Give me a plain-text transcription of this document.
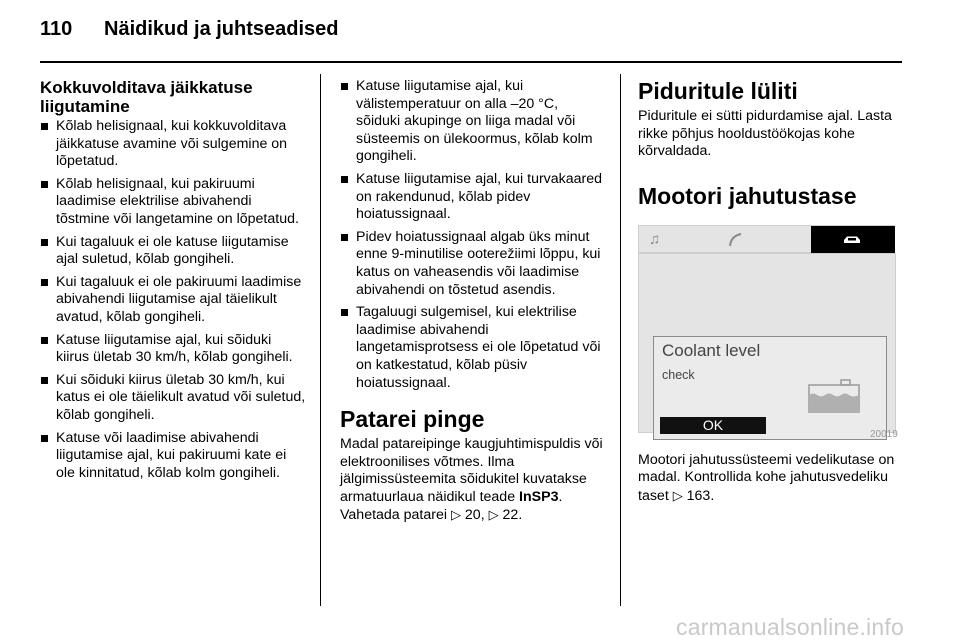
110 Näidikud ja juhtseadised
Kokkuvolditava jäikkatuse liigutamine
Kõlab helisignaal, kui kokkuvolditava jäikkatuse avamine või sulgemine on lõpetatud.
Kõlab helisignaal, kui pakiruumi laadimise elektrilise abivahendi tõstmine või langetamine on lõpetatud.
Kui tagaluuk ei ole katuse liigutamise ajal suletud, kõlab gongiheli.
Kui tagaluuk ei ole pakiruumi laadimise abivahendi liigutamise ajal täielikult avatud, kõlab gongiheli.
Katuse liigutamise ajal, kui sõiduki kiirus ületab 30 km/h, kõlab gongiheli.
Kui sõiduki kiirus ületab 30 km/h, kui katus ei ole täielikult avatud või suletud, kõlab gongiheli.
Katuse või laadimise abivahendi liigutamise ajal, kui pakiruumi kate ei ole kinnitatud, kõlab kolm gongiheli.
Katuse liigutamise ajal, kui välistemperatuur on alla –20 °C, sõiduki akupinge on liiga madal või süsteemis on ülekoormus, kõlab kolm gongiheli.
Katuse liigutamise ajal, kui turvakaared on rakendunud, kõlab pidev hoiatussignaal.
Pidev hoiatussignaal algab üks minut enne 9-minutilise ooterežiimi lõppu, kui katus on vaheasendis või laadimise abivahendi on tõstetud asendis.
Tagaluugi sulgemisel, kui elektrilise laadimise abivahendi langetamisprotsess ei ole lõpetatud või on katkestatud, kõlab püsiv hoiatussignaal.
Patarei pinge

Madal patareipinge kaugjuhtimispuldis või elektroonilises võtmes. Ilma jälgimissüsteemita sõidukitel kuvatakse armatuurlaua näidikul teade InSP3. Vahetada patarei ▷ 20, ▷ 22.

Piduritule lüliti

Piduritule ei sütti pidurdamise ajal. Lasta rikke põhjus hooldustöökojas kohe kõrvaldada.

Mootori jahutustase
♫
Coolant level
check
OK
20019

Mootori jahutussüsteemi vedelikutase on madal. Kontrollida kohe jahutusvedeliku taset ▷ 163.

carmanualsonline.info
